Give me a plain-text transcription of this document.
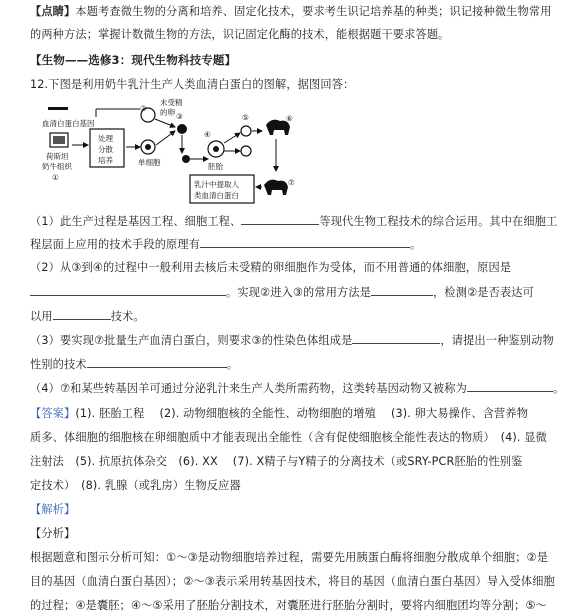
【点睛】本题考查微生物的分离和培养、固定化技术，要求考生识记培养基的种类；识记接种微生物常用
的两种方法；掌握计数微生物的方法，识记固定化酶的技术，能根据题干要求答题。
【生物——选修3：现代生物科技专题】
12.下图是利用奶牛乳汁生产人类血清白蛋白的图解，据图回答：
血清白蛋白基因
荷斯坦
奶牛组织
①
处理
分散
培养	单细胞
②
未受精
的卵 ③
④
胚胎
⑤	⑥
⑦
乳汁中提取人
类血清白蛋白
（1）此生产过程是基因工程、细胞工程、	等现代生物工程技术的综合运用。其中在细胞工
程层面上应用的技术手段的原理有	。
（2）从③到④的过程中一般利用去核后未受精的卵细胞作为受体，而不用普通的体细胞，原因是
。实现②进入③的常用方法是	，检测②是否表达可
以用	技术。
（3）要实现⑦批量生产血清白蛋白，则要求③的性染色体组成是	，请提出一种鉴别动物
性别的技术	。
（4）⑦和某些转基因羊可通过分泌乳汁来生产人类所需药物，这类转基因动物又被称为	。
【答案】(1). 胚胎工程　 (2). 动物细胞核的全能性、动物细胞的增殖　 (3). 卵大易操作、含营养物
质多、体细胞的细胞核在卵细胞质中才能表现出全能性（含有促使细胞核全能性表达的物质）　(4). 显微
注射法　(5). 抗原抗体杂交　(6). XX　 (7). X精子与Y精子的分离技术（或SRY-PCR胚胎的性别鉴
定技术）　(8). 乳腺（或乳房）生物反应器
【解析】
【分析】
根据题意和图示分析可知：①～③是动物细胞培养过程，需要先用胰蛋白酶将细胞分散成单个细胞；②是
目的基因（血清白蛋白基因）；②～③表示采用转基因技术，将目的基因（血清白蛋白基因）导入受体细胞
的过程；④是囊胚；④～⑤采用了胚胎分割技术，对囊胚进行胚胎分割时，要将内细胞团均等分割；⑤～
